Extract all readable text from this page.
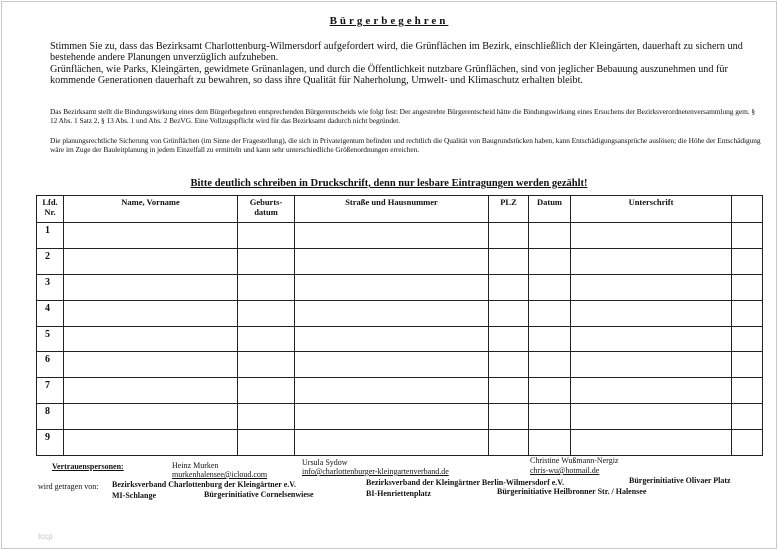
Bürgerbegehren

Stimmen Sie zu, dass das Bezirksamt Charlottenburg-Wilmersdorf aufgefordert wird, die Grünflächen im Bezirk, einschließlich der Kleingärten, dauerhaft zu sichern und bestehende andere Planungen unverzüglich aufzuheben.

Grünflächen, wie Parks, Kleingärten, gewidmete Grünanlagen, und durch die Öffentlichkeit nutzbare Grünflächen, sind von jeglicher Bebauung auszunehmen und für kommende Generationen dauerhaft zu bewahren, so dass ihre Qualität für Naherholung, Umwelt- und Klimaschutz erhalten bleibt.

Das Bezirksamt stellt die Bindungswirkung eines dem Bürgerbegehren entsprechenden Bürgerentscheids wie folgt fest: Der angestrebte Bürgerentscheid hätte die Bindungswirkung eines Ersuchens der Bezirksverordnetenversammlung gem. § 12 Abs. 1 Satz 2, § 13 Abs. 1 und Abs. 2 BezVG. Eine Vollzugspflicht wird für das Bezirksamt dadurch nicht begründet.

Die planungsrechtliche Sicherung von Grünflächen (im Sinne der Fragestellung), die sich in Privateigentum befinden und rechtlich die Qualität von Baugrundstücken haben, kann Entschädigungsansprüche auslösen; die Höhe der Entschädigung wäre im Zuge der Bauleitplanung in jedem Einzelfall zu ermitteln und kann sehr unterschiedliche Größenordnungen erreichen.

Bitte deutlich schreiben in Druckschrift, denn nur lesbare Eintragungen werden gezählt!
Lfd. Nr.	Name, Vorname	Geburts-datum	Straße und Hausnummer	PLZ	Datum	Unterschrift	
1							
2							
3							
4							
5							
6							
7							
8							
9							
Vertrauenspersonen:	Heinz Murken
murkenhalensee@icloud.com
Ursula Sydow
info@charlottenburger-kleingartenverband.de
Christine Wußmann-Nergiz
chris-wu@hotmail.de
wird getragen von: Bezirksverband Charlottenburg der Kleingärtner e.V.	Bezirksverband der Kleingärtner Berlin-Wilmersdorf e.V.	Bürgerinitiative Olivaer Platz
MI-Schlange	Bürgerinitiative Cornelsenwiese	BI-Henriettenplatz	Bürgerinitiative Heilbronner Str. / Halensee
tccp
